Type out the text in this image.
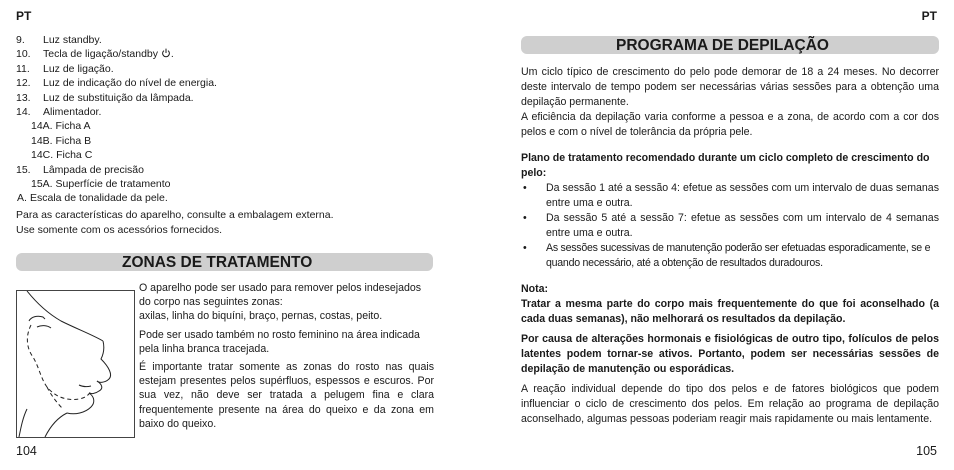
PT
9. Luz standby.
10. Tecla de ligação/standby .
11. Luz de ligação.
12. Luz de indicação do nível de energia.
13. Luz de substituição da lâmpada.
14. Alimentador.
14A. Ficha A
14B. Ficha B
14C. Ficha C
15. Lâmpada de precisão
15A. Superfície de tratamento
A. Escala de tonalidade da pele.
Para as características do aparelho, consulte a embalagem externa.
Use somente com os acessórios fornecidos.
ZONAS DE TRATAMENTO

O aparelho pode ser usado para remover pelos indesejados do corpo nas seguintes zonas:
axilas, linha do biquíni, braço, pernas, costas, peito.

Pode ser usado também no rosto feminino na área indicada pela linha branca tracejada.

É importante tratar somente as zonas do rosto nas quais estejam presentes pelos supérfluos, espessos e escuros. Por sua vez, não deve ser tratada a pelugem fina e clara frequentemente presente na área do queixo e da zona em baixo do queixo.

104
PT
PROGRAMA DE DEPILAÇÃO

Um ciclo típico de crescimento do pelo pode demorar de 18 a 24 meses. No decorrer deste intervalo de tempo podem ser necessárias várias sessões para a obtenção uma depilação permanente.

A eficiência da depilação varia conforme a pessoa e a zona, de acordo com a cor dos pelos e com o nível de tolerância da própria pele.

Plano de tratamento recomendado durante um ciclo completo de crescimento do pelo:

• Da sessão 1 até a sessão 4: efetue as sessões com um intervalo de duas semanas entre uma e outra.
• Da sessão 5 até a sessão 7: efetue as sessões com um intervalo de 4 semanas entre uma e outra.
• As sessões sucessivas de manutenção poderão ser efetuadas esporadicamente, se e quando necessário, até a obtenção de resultados duradouros.

Nota:

Tratar a mesma parte do corpo mais frequentemente do que foi aconselhado (a cada duas semanas), não melhorará os resultados da depilação.

Por causa de alterações hormonais e fisiológicas de outro tipo, folículos de pelos latentes podem tornar-se ativos. Portanto, podem ser necessárias sessões de depilação de manutenção ou esporádicas.

A reação individual depende do tipo dos pelos e de fatores biológicos que podem influenciar o ciclo de crescimento dos pelos. Em relação ao programa de depilação aconselhado, algumas pessoas poderiam reagir mais rapidamente ou mais lentamente.

105
